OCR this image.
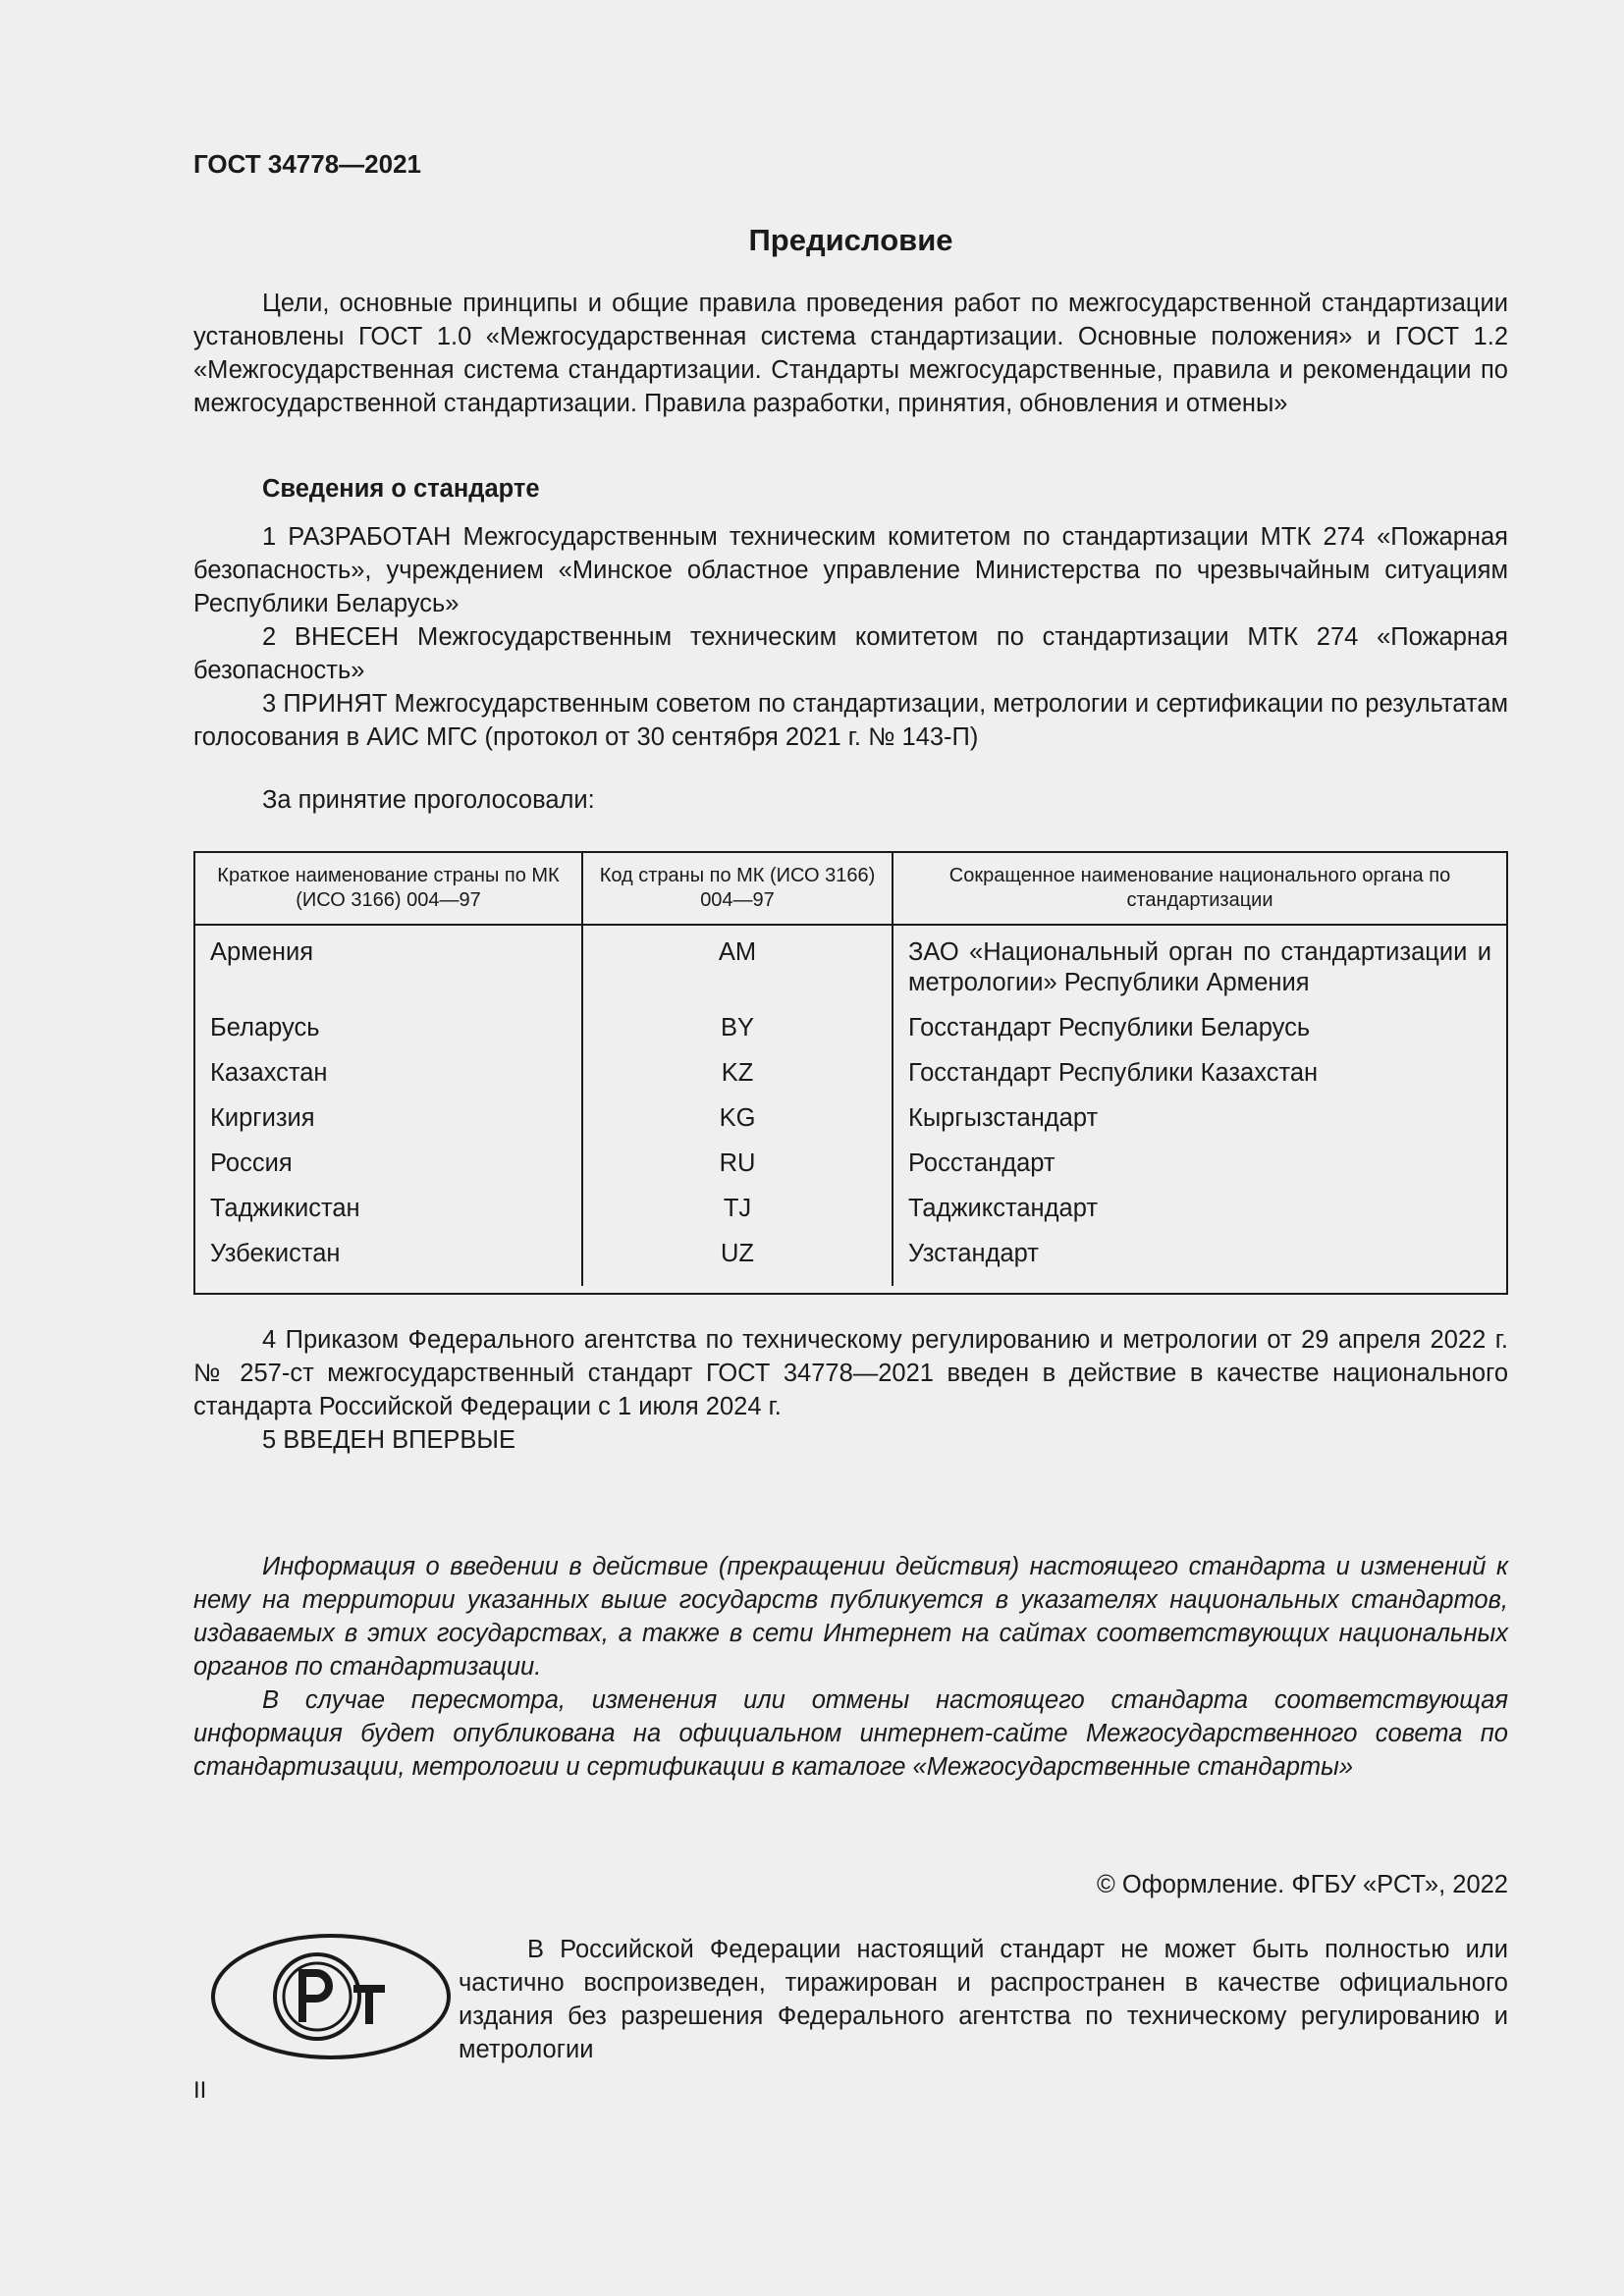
ГОСТ 34778—2021
Предисловие

Цели, основные принципы и общие правила проведения работ по межгосударственной стандартизации установлены ГОСТ 1.0 «Межгосударственная система стандартизации. Основные положения» и ГОСТ 1.2 «Межгосударственная система стандартизации. Стандарты межгосударственные, правила и рекомендации по межгосударственной стандартизации. Правила разработки, принятия, обновления и отмены»

Сведения о стандарте

1 РАЗРАБОТАН Межгосударственным техническим комитетом по стандартизации МТК 274 «Пожарная безопасность», учреждением «Минское областное управление Министерства по чрезвычайным ситуациям Республики Беларусь»

2 ВНЕСЕН Межгосударственным техническим комитетом по стандартизации МТК 274 «Пожарная безопасность»

3 ПРИНЯТ Межгосударственным советом по стандартизации, метрологии и сертификации по результатам голосования в АИС МГС (протокол от 30 сентября 2021 г. № 143-П)

За принятие проголосовали:
Краткое наименование страны по МК (ИСО 3166) 004—97	Код страны по МК (ИСО 3166) 004—97	Сокращенное наименование национального органа по стандартизации
Армения	AM	ЗАО «Национальный орган по стандартизации и метрологии» Республики Армения
Беларусь	BY	Госстандарт Республики Беларусь
Казахстан	KZ	Госстандарт Республики Казахстан
Киргизия	KG	Кыргызстандарт
Россия	RU	Росстандарт
Таджикистан	TJ	Таджикстандарт
Узбекистан	UZ	Узстандарт

4 Приказом Федерального агентства по техническому регулированию и метрологии от 29 апреля 2022 г. № 257-ст межгосударственный стандарт ГОСТ 34778—2021 введен в действие в качестве национального стандарта Российской Федерации с 1 июля 2024 г.

5 ВВЕДЕН ВПЕРВЫЕ

Информация о введении в действие (прекращении действия) настоящего стандарта и изменений к нему на территории указанных выше государств публикуется в указателях национальных стандартов, издаваемых в этих государствах, а также в сети Интернет на сайтах соответствующих национальных органов по стандартизации.

В случае пересмотра, изменения или отмены настоящего стандарта соответствующая информация будет опубликована на официальном интернет-сайте Межгосударственного совета по стандартизации, метрологии и сертификации в каталоге «Межгосударственные стандарты»

© Оформление. ФГБУ «РСТ», 2022

В Российской Федерации настоящий стандарт не может быть полностью или частично воспроизведен, тиражирован и распространен в качестве официального издания без разрешения Федерального агентства по техническому регулированию и метрологии

II
